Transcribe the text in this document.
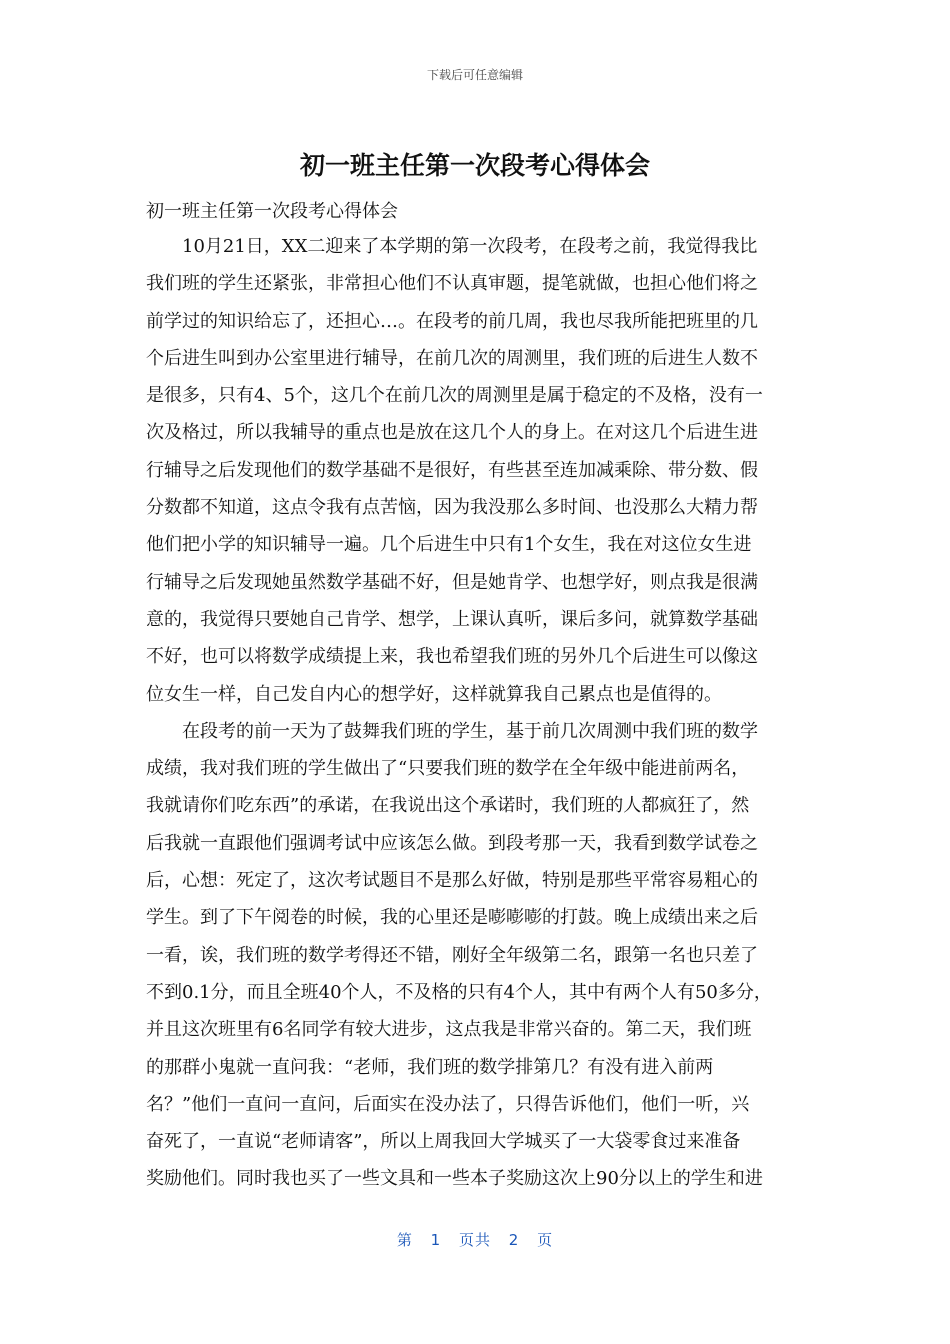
下载后可任意编辑
初一班主任第一次段考心得体会
初一班主任第一次段考心得体会
　　10月21日，XX二迎来了本学期的第一次段考，在段考之前，我觉得我比
我们班的学生还紧张，非常担心他们不认真审题，提笔就做，也担心他们将之
前学过的知识给忘了，还担心…。在段考的前几周，我也尽我所能把班里的几
个后进生叫到办公室里进行辅导，在前几次的周测里，我们班的后进生人数不
是很多，只有4、5个，这几个在前几次的周测里是属于稳定的不及格，没有一
次及格过，所以我辅导的重点也是放在这几个人的身上。在对这几个后进生进
行辅导之后发现他们的数学基础不是很好，有些甚至连加减乘除、带分数、假
分数都不知道，这点令我有点苦恼，因为我没那么多时间、也没那么大精力帮
他们把小学的知识辅导一遍。几个后进生中只有1个女生，我在对这位女生进
行辅导之后发现她虽然数学基础不好，但是她肯学、也想学好，则点我是很满
意的，我觉得只要她自己肯学、想学，上课认真听，课后多问，就算数学基础
不好，也可以将数学成绩提上来，我也希望我们班的另外几个后进生可以像这
位女生一样，自己发自内心的想学好，这样就算我自己累点也是值得的。
　　在段考的前一天为了鼓舞我们班的学生，基于前几次周测中我们班的数学
成绩，我对我们班的学生做出了“只要我们班的数学在全年级中能进前两名，
我就请你们吃东西”的承诺，在我说出这个承诺时，我们班的人都疯狂了，然
后我就一直跟他们强调考试中应该怎么做。到段考那一天，我看到数学试卷之
后，心想：死定了，这次考试题目不是那么好做，特别是那些平常容易粗心的
学生。到了下午阅卷的时候，我的心里还是嘭嘭嘭的打鼓。晚上成绩出来之后
一看，诶，我们班的数学考得还不错，刚好全年级第二名，跟第一名也只差了
不到0.1分，而且全班40个人，不及格的只有4个人，其中有两个人有50多分，
并且这次班里有6名同学有较大进步，这点我是非常兴奋的。第二天，我们班
的那群小鬼就一直问我：“老师，我们班的数学排第几？有没有进入前两
名？”他们一直问一直问，后面实在没办法了，只得告诉他们，他们一听，兴
奋死了，一直说“老师请客”，所以上周我回大学城买了一大袋零食过来准备
奖励他们。同时我也买了一些文具和一些本子奖励这次上90分以上的学生和进
第 1 页共 2 页
